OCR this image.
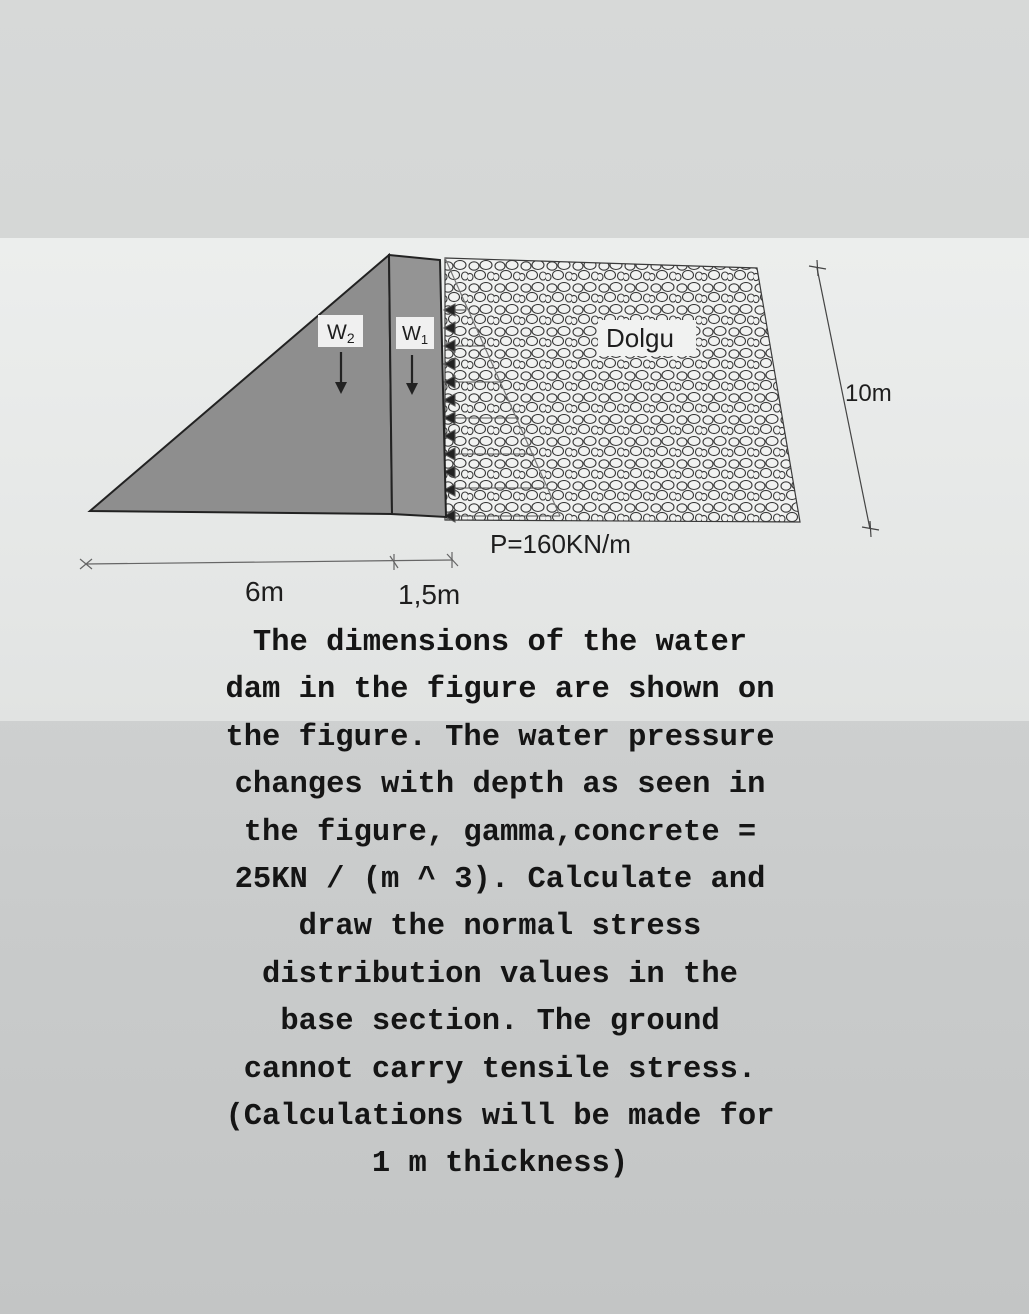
W2 $W_1$	Dolgu
10m
P=160KN/m
6m	1,5m

The dimensions of the water
dam in the figure are shown on
the figure. The water pressure
changes with depth as seen in
the figure, gamma,concrete =
25KN / (m ^ 3). Calculate and
draw the normal stress
distribution values in the
base section. The ground
cannot carry tensile stress.
(Calculations will be made for
1 m thickness)
